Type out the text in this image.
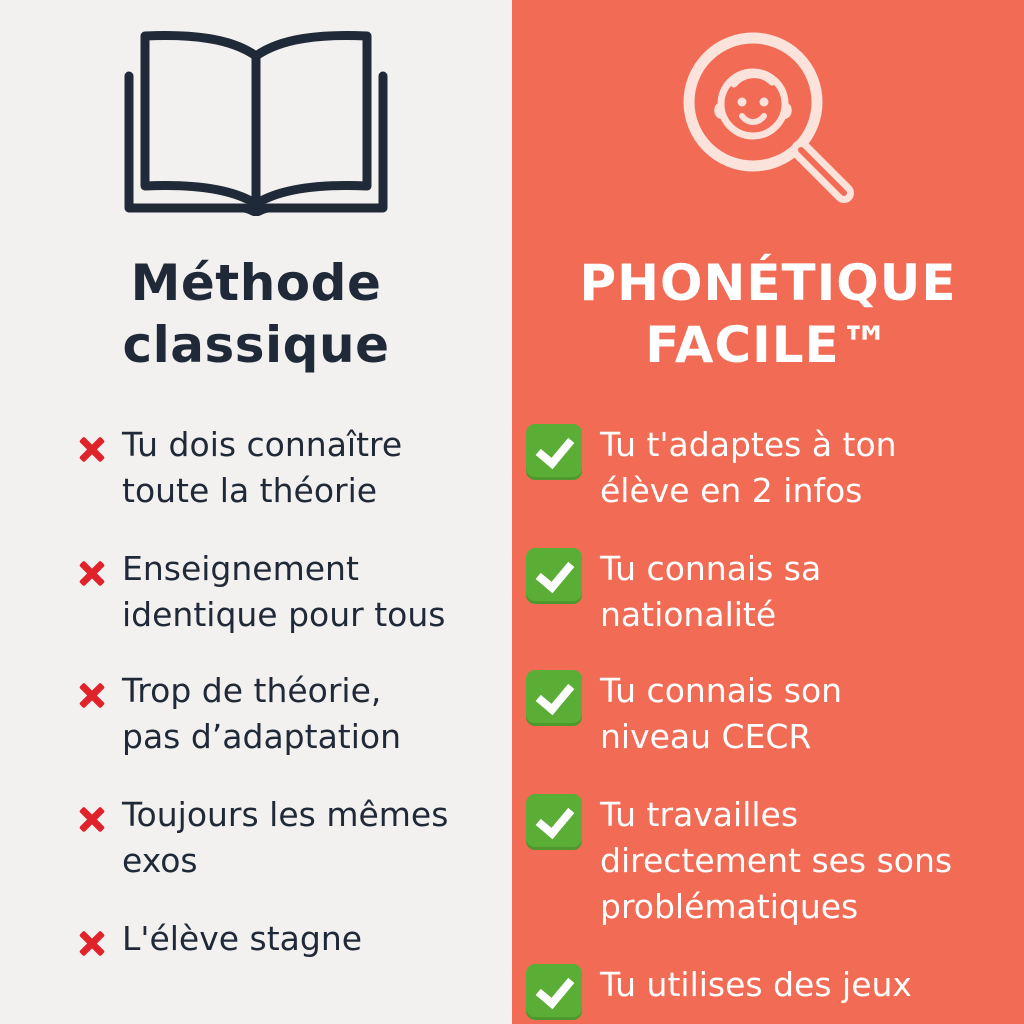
Méthode
classique
Tu dois connaître
toute la théorie
Enseignement
identique pour tous
Trop de théorie,
pas d’adaptation
Toujours les mêmes
exos
L'élève stagne
PHONÉTIQUE
FACILE™
Tu t'adaptes à ton
élève en 2 infos
Tu connais sa
nationalité
Tu connais son
niveau CECR
Tu travailles
directement ses sons
problématiques
Tu utilises des jeux
